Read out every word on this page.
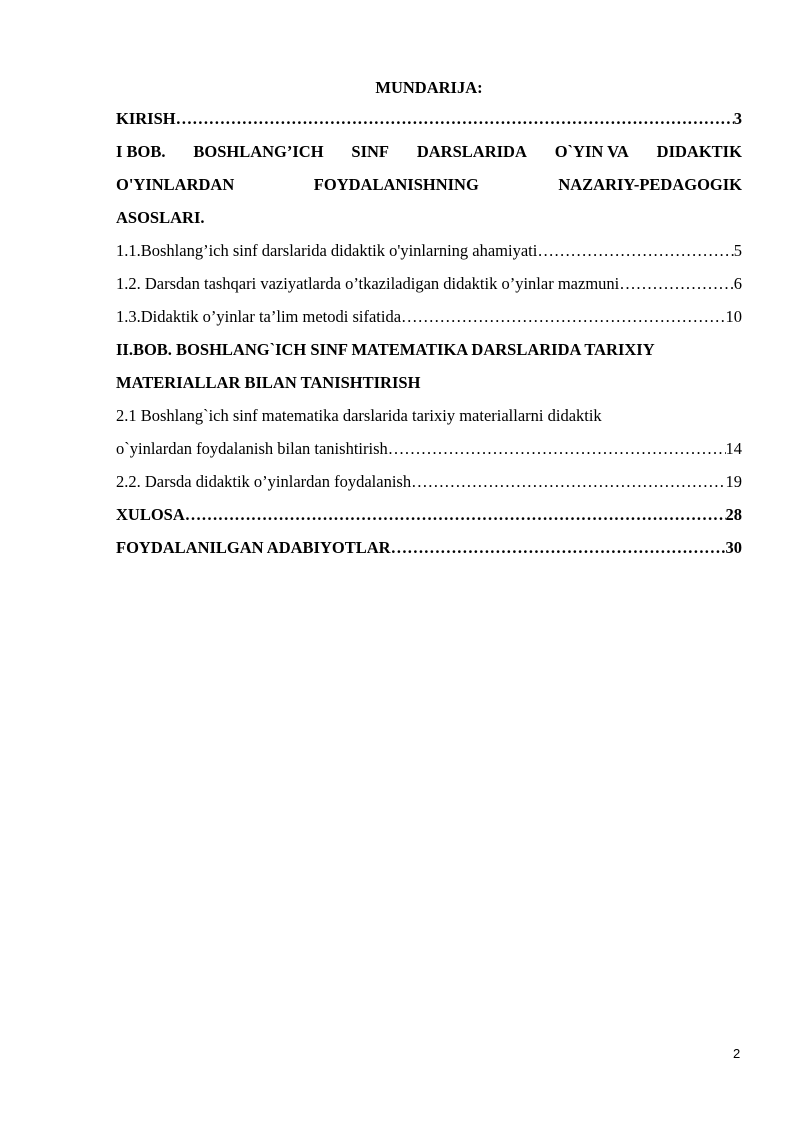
MUNDARIJA:
KIRISH ……………………………………………………………………………………………………………………………………………………………	3
I BOB. BOSHLANG’ICH SINF DARSLARIDA O`YIN VA DIDAKTIK
O'YINLARDAN	FOYDALANISHNING	NAZARIY-PEDAGOGIK
ASOSLARI.
1.1.Boshlang’ich sinf darslarida didaktik o'yinlarning ahamiyati ……………………………………………………………………………………………………………………………………………………………	5
1.2. Darsdan tashqari vaziyatlarda o’tkaziladigan didaktik o’yinlar mazmuni ……………………………………………………………………………………………………………………………………………………………	6
1.3.Didaktik o’yinlar ta’lim metodi sifatida ……………………………………………………………………………………………………………………………………………………………	10
II.BOB. BOSHLANG`ICH SINF MATEMATIKA DARSLARIDA TARIXIY
MATERIALLAR BILAN TANISHTIRISH
2.1 Boshlang`ich sinf matematika darslarida tarixiy materiallarni didaktik
o`yinlardan foydalanish bilan tanishtirish ……………………………………………………………………………………………………………………………………………………………	14
2.2. Darsda didaktik o’yinlardan foydalanish ……………………………………………………………………………………………………………………………………………………………	19
XULOSA ……………………………………………………………………………………………………………………………………………………………	28
FOYDALANILGAN ADABIYOTLAR ……………………………………………………………………………………………………………………………………………………………	30
2
